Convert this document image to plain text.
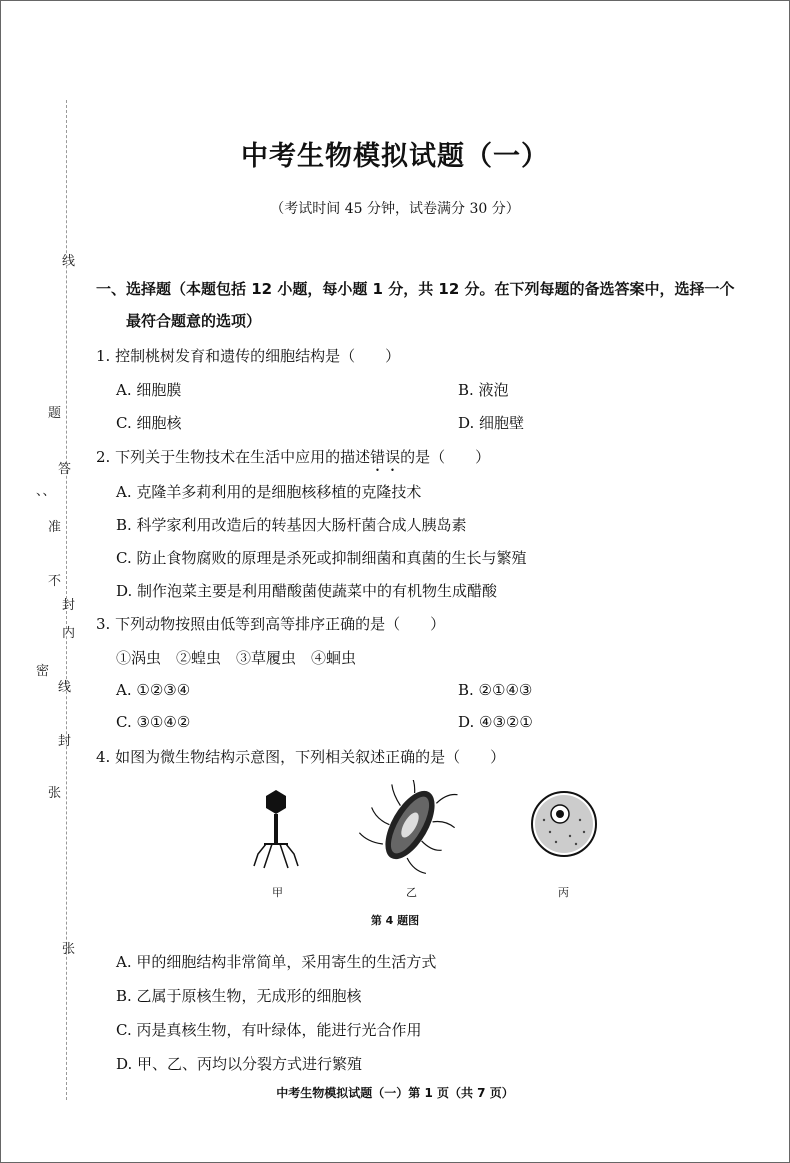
线
题
答
准
不
封
内
线
封
密
、、
张
张
中考生物模拟试题（一）
（考试时间 45 分钟，试卷满分 30 分）
一、选择题（本题包括 12 小题，每小题 1 分，共 12 分。在下列每题的备选答案中，选择一个
最符合题意的选项）
1. 控制桃树发育和遗传的细胞结构是（　　）
A. 细胞膜	B. 液泡
C. 细胞核	D. 细胞壁
2. 下列关于生物技术在生活中应用的描述错误的是（　　）
A. 克隆羊多莉利用的是细胞核移植的克隆技术
B. 科学家利用改造后的转基因大肠杆菌合成人胰岛素
C. 防止食物腐败的原理是杀死或抑制细菌和真菌的生长与繁殖
D. 制作泡菜主要是利用醋酸菌使蔬菜中的有机物生成醋酸
3. 下列动物按照由低等到高等排序正确的是（　　）
①涡虫　②蝗虫　③草履虫　④蛔虫
A. ①②③④	B. ②①④③
C. ③①④②	D. ④③②①
4. 如图为微生物结构示意图，下列相关叙述正确的是（　　）
甲	乙	丙
第 4 题图
A. 甲的细胞结构非常简单，采用寄生的生活方式
B. 乙属于原核生物，无成形的细胞核
C. 丙是真核生物，有叶绿体，能进行光合作用
D. 甲、乙、丙均以分裂方式进行繁殖
中考生物模拟试题（一）第 1 页（共 7 页）
